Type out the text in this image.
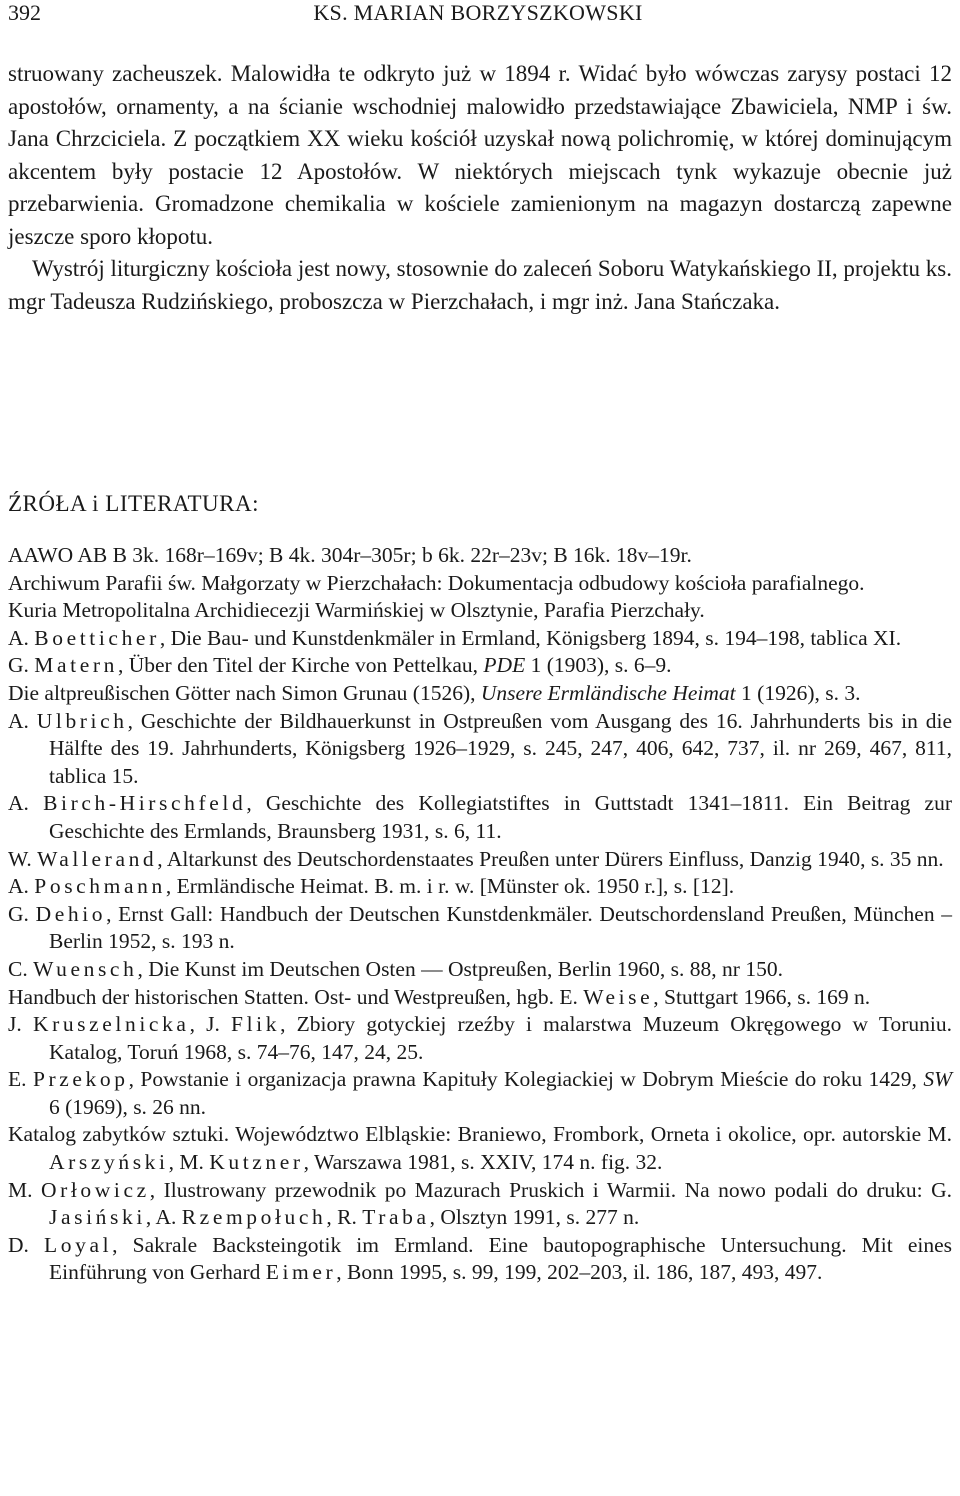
392	KS. MARIAN BORZYSZKOWSKI

struowany zacheuszek. Malowidła te odkryto już w 1894 r. Widać było wówczas zarysy postaci 12 apostołów, ornamenty, a na ścianie wschodniej malowidło przedstawiające Zbawiciela, NMP i św. Jana Chrzciciela. Z początkiem XX wieku kościół uzyskał nową polichromię, w której dominującym akcentem były postacie 12 Apostołów. W niektórych miejscach tynk wykazuje obecnie już przebarwienia. Gromadzone chemikalia w kościele zamienionym na magazyn dostarczą zapewne jeszcze sporo kłopotu.

Wystrój liturgiczny kościoła jest nowy, stosownie do zaleceń Soboru Watykańskiego II, projektu ks. mgr Tadeusza Rudzińskiego, proboszcza w Pierzchałach, i mgr inż. Jana Stańczaka.

ŹRÓŁA i LITERATURA:

AAWO AB B 3k. 168r–169v; B 4k. 304r–305r; b 6k. 22r–23v; B 16k. 18v–19r.

Archiwum Parafii św. Małgorzaty w Pierzchałach: Dokumentacja odbudowy kościoła parafialnego.

Kuria Metropolitalna Archidiecezji Warmińskiej w Olsztynie, Parafia Pierzchały.

A. Boetticher, Die Bau- und Kunstdenkmäler in Ermland, Königsberg 1894, s. 194–198, tablica XI.

G. Matern, Über den Titel der Kirche von Pettelkau, PDE 1 (1903), s. 6–9.

Die altpreußischen Götter nach Simon Grunau (1526), Unsere Ermländische Heimat 1 (1926), s. 3.

A. Ulbrich, Geschichte der Bildhauerkunst in Ostpreußen vom Ausgang des 16. Jahrhunderts bis in die Hälfte des 19. Jahrhunderts, Königsberg 1926–1929, s. 245, 247, 406, 642, 737, il. nr 269, 467, 811, tablica 15.

A. Birch-Hirschfeld, Geschichte des Kollegiatstiftes in Guttstadt 1341–1811. Ein Beitrag zur Geschichte des Ermlands, Braunsberg 1931, s. 6, 11.

W. Wallerand, Altarkunst des Deutschordenstaates Preußen unter Dürers Einfluss, Danzig 1940, s. 35 nn.

A. Poschmann, Ermländische Heimat. B. m. i r. w. [Münster ok. 1950 r.], s. [12].

G. Dehio, Ernst Gall: Handbuch der Deutschen Kunstdenkmäler. Deutschordensland Preußen, München – Berlin 1952, s. 193 n.

C. Wuensch, Die Kunst im Deutschen Osten — Ostpreußen, Berlin 1960, s. 88, nr 150.

Handbuch der historischen Statten. Ost- und Westpreußen, hgb. E. Weise, Stuttgart 1966, s. 169 n.

J. Kruszelnicka, J. Flik, Zbiory gotyckiej rzeźby i malarstwa Muzeum Okręgowego w Toruniu. Katalog, Toruń 1968, s. 74–76, 147, 24, 25.

E. Przekop, Powstanie i organizacja prawna Kapituły Kolegiackiej w Dobrym Mieście do roku 1429, SW 6 (1969), s. 26 nn.

Katalog zabytków sztuki. Województwo Elbląskie: Braniewo, Frombork, Orneta i okolice, opr. autorskie M. Arszyński, M. Kutzner, Warszawa 1981, s. XXIV, 174 n. fig. 32.

M. Orłowicz, Ilustrowany przewodnik po Mazurach Pruskich i Warmii. Na nowo podali do druku: G. Jasiński, A. Rzempołuch, R. Traba, Olsztyn 1991, s. 277 n.

D. Loyal, Sakrale Backsteingotik im Ermland. Eine bautopographische Untersuchung. Mit eines Einführung von Gerhard Eimer, Bonn 1995, s. 99, 199, 202–203, il. 186, 187, 493, 497.
